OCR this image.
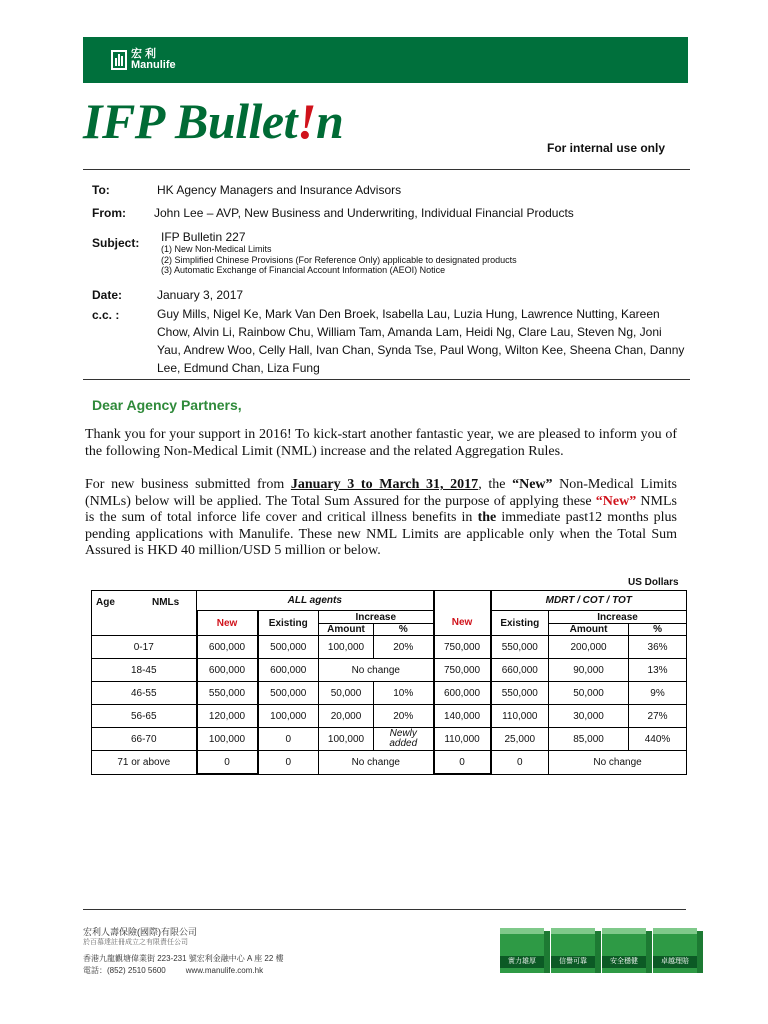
宏利
Manulife
IFP Bullet!n	For internal use only
To:	HK Agency Managers and Insurance Advisors
From: John Lee – AVP, New Business and Underwriting, Individual Financial Products
Subject: IFP Bulletin 227
(1) New Non-Medical Limits
(2) Simplified Chinese Provisions (For Reference Only) applicable to designated products
(3) Automatic Exchange of Financial Account Information (AEOI) Notice
Date:	January 3, 2017
c.c. :	Guy Mills, Nigel Ke, Mark Van Den Broek, Isabella Lau, Luzia Hung, Lawrence Nutting, Kareen Chow, Alvin Li, Rainbow Chu, William Tam, Amanda Lam, Heidi Ng, Clare Lau, Steven Ng, Joni Yau, Andrew Woo, Celly Hall, Ivan Chan, Synda Tse, Paul Wong, Wilton Kee, Sheena Chan, Danny Lee, Edmund Chan, Liza Fung
Dear Agency Partners,
Thank you for your support in 2016! To kick-start another fantastic year, we are pleased to inform you of the following Non-Medical Limit (NML) increase and the related Aggregation Rules.
For new business submitted from January 3 to March 31, 2017, the “New” Non-Medical Limits (NMLs) below will be applied. The Total Sum Assured for the purpose of applying these “New” NMLs is the sum of total inforce life cover and critical illness benefits in the immediate past12 months plus pending applications with Manulife. These new NML Limits are applicable only when the Total Sum Assured is HKD 40 million/USD 5 million or below.
US Dollars
Age NMLs	ALL agents					MDRT / COT / TOT		
	New	Existing	Increase		New	Existing	Increase	
			Amount	%			Amount	%
0-17	600,000	500,000	100,000	20%	750,000	550,000	200,000	36%
18-45	600,000	600,000	No change		750,000	660,000	90,000	13%
46-55	550,000	500,000	50,000	10%	600,000	550,000	50,000	9%
56-65	120,000	100,000	20,000	20%	140,000	110,000	30,000	27%
66-70	100,000	0	100,000	Newly
added	110,000	25,000	85,000	440%
71 or above	0	0	No change		0	0	No change	
宏利人壽保險(國際)有限公司
於百慕達註冊成立之有限責任公司
香港九龍觀塘偉業街 223-231 號宏利金融中心 A 座 22 樓
電話：(852) 2510 5600	www.manulife.com.hk
實力雄厚	信譽可靠	安全穩健	卓越理賠
